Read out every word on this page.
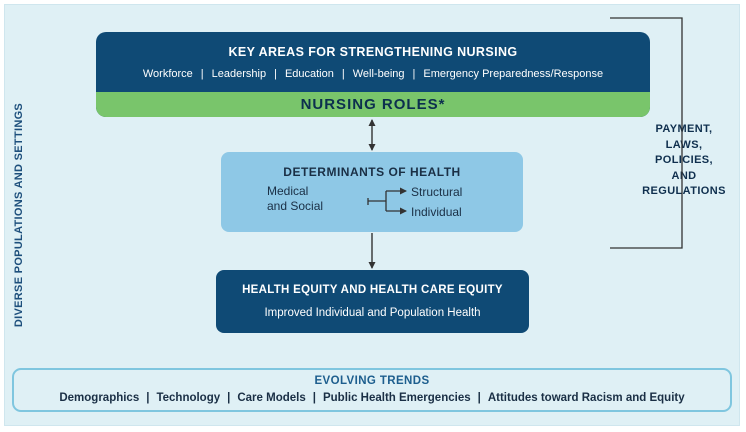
DIVERSE POPULATIONS AND SETTINGS
KEY AREAS FOR STRENGTHENING NURSING
Workforce | Leadership | Education | Well-being | Emergency Preparedness/Response
NURSING ROLES*
DETERMINANTS OF HEALTH
Medical
and Social
Structural
Individual
HEALTH EQUITY AND HEALTH CARE EQUITY
Improved Individual and Population Health
PAYMENT,
LAWS,
POLICIES,
AND
REGULATIONS
EVOLVING TRENDS
Demographics | Technology | Care Models | Public Health Emergencies | Attitudes toward Racism and Equity
